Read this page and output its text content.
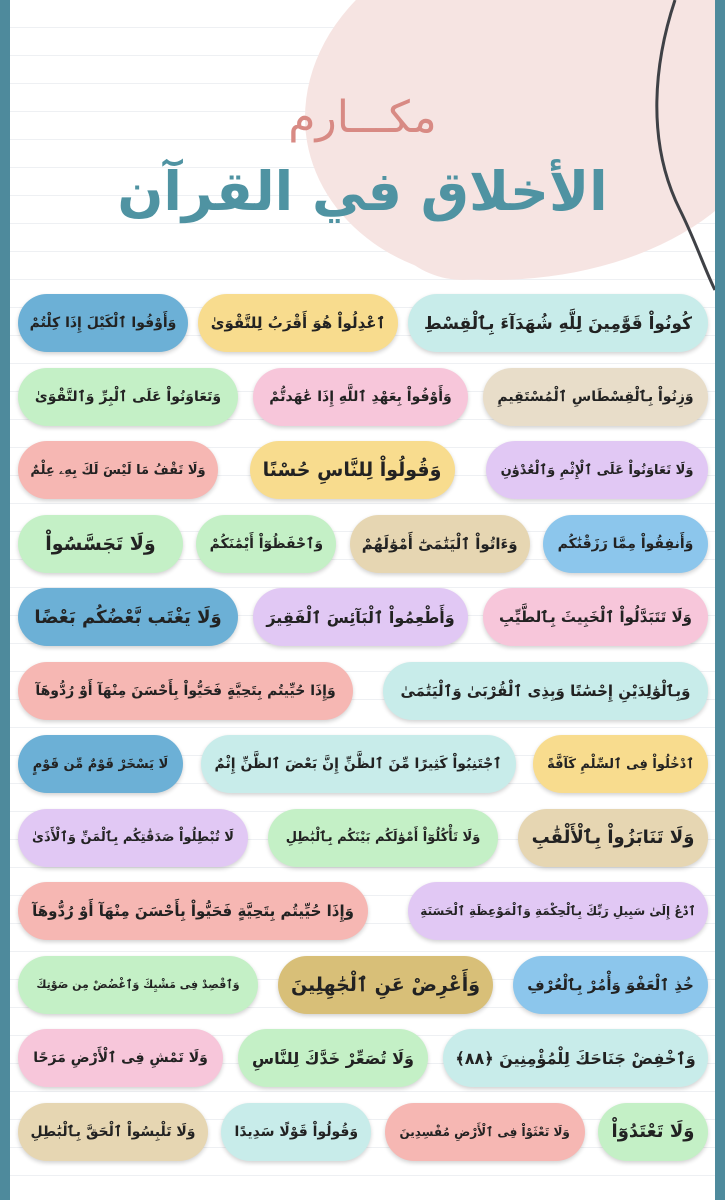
مكـــارم
الأخلاق في القرآن
كُونُواْ قَوَّٰمِينَ لِلَّهِ شُهَدَآءَ بِٱلْقِسْطِ
ٱعْدِلُواْ هُوَ أَقْرَبُ لِلتَّقْوَىٰ
وَأَوْفُوا ٱلْكَيْلَ إِذَا كِلْتُمْ
وَزِنُواْ بِٱلْقِسْطَاسِ ٱلْمُسْتَقِيمِ
وَأَوْفُواْ بِعَهْدِ ٱللَّهِ إِذَا عَٰهَدتُّمْ
وَتَعَاوَنُواْ عَلَى ٱلْبِرِّ وَٱلتَّقْوَىٰ
وَلَا تَعَاوَنُواْ عَلَى ٱلْإِثْمِ وَٱلْعُدْوَٰنِ
وَقُولُواْ لِلنَّاسِ حُسْنًا
وَلَا تَقْفُ مَا لَيْسَ لَكَ بِهِۦ عِلْمٌ
وَأَنفِقُواْ مِمَّا رَزَقْنَٰكُم
وَءَاتُواْ ٱلْيَتَٰمَىٰٓ أَمْوَٰلَهُمْ
وَٱحْفَظُوٓاْ أَيْمَٰنَكُمْ
وَلَا تَجَسَّسُواْ
وَلَا تَتَبَدَّلُواْ ٱلْخَبِيثَ بِٱلطَّيِّبِ
وَأَطْعِمُواْ ٱلْبَآئِسَ ٱلْفَقِيرَ
وَلَا يَغْتَب بَّعْضُكُم بَعْضًا
وَبِٱلْوَٰلِدَيْنِ إِحْسَٰنًا وَبِذِى ٱلْقُرْبَىٰ وَٱلْيَتَٰمَىٰ
وَإِذَا حُيِّيتُم بِتَحِيَّةٍ فَحَيُّواْ بِأَحْسَنَ مِنْهَآ أَوْ رُدُّوهَآ
ٱدْخُلُواْ فِى ٱلسِّلْمِ كَآفَّةً
ٱجْتَنِبُواْ كَثِيرًا مِّنَ ٱلظَّنِّ إِنَّ بَعْضَ ٱلظَّنِّ إِثْمٌ
لَا يَسْخَرْ قَوْمٌ مِّن قَوْمٍ
وَلَا تَنَابَزُواْ بِٱلْأَلْقَٰبِ
وَلَا تَأْكُلُوٓاْ أَمْوَٰلَكُم بَيْنَكُم بِٱلْبَٰطِلِ
لَا تُبْطِلُواْ صَدَقَٰتِكُم بِٱلْمَنِّ وَٱلْأَذَىٰ
ٱدْعُ إِلَىٰ سَبِيلِ رَبِّكَ بِٱلْحِكْمَةِ وَٱلْمَوْعِظَةِ ٱلْحَسَنَةِ
وَإِذَا حُيِّيتُم بِتَحِيَّةٍ فَحَيُّواْ بِأَحْسَنَ مِنْهَآ أَوْ رُدُّوهَآ
خُذِ ٱلْعَفْوَ وَأْمُرْ بِٱلْعُرْفِ
وَأَعْرِضْ عَنِ ٱلْجَٰهِلِينَ
وَٱقْصِدْ فِى مَشْيِكَ وَٱغْضُضْ مِن صَوْتِكَ
وَٱخْفِضْ جَنَاحَكَ لِلْمُؤْمِنِينَ ﴿٨٨﴾
وَلَا تُصَعِّرْ خَدَّكَ لِلنَّاسِ
وَلَا تَمْشِ فِى ٱلْأَرْضِ مَرَحًا
وَلَا تَعْتَدُوٓاْ
وَلَا تَعْثَوْاْ فِى ٱلْأَرْضِ مُفْسِدِينَ
وَقُولُواْ قَوْلًا سَدِيدًا
وَلَا تَلْبِسُواْ ٱلْحَقَّ بِٱلْبَٰطِلِ
